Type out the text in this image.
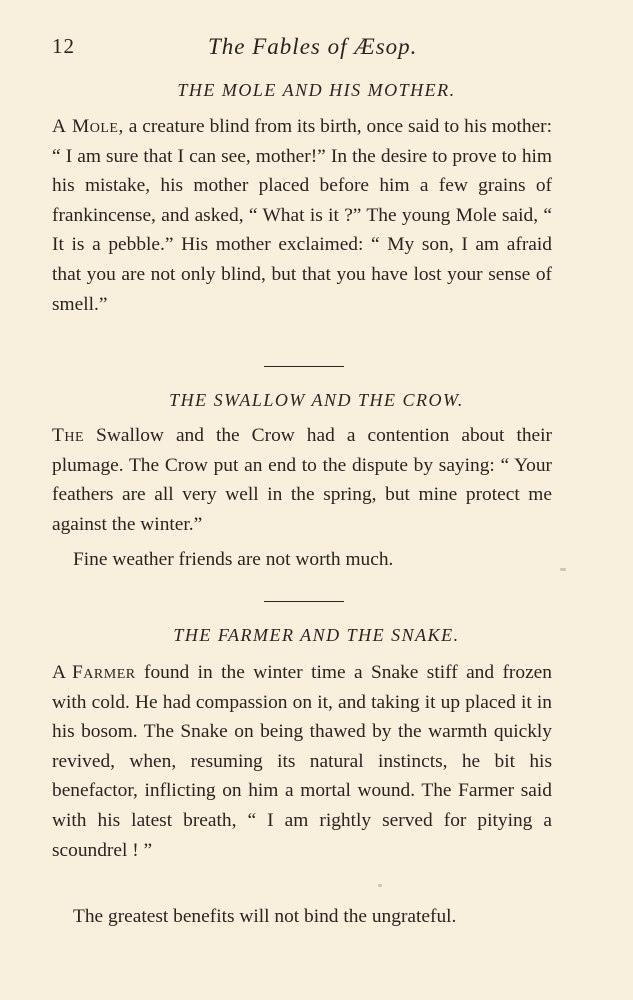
12	The Fables of Æsop.
THE MOLE AND HIS MOTHER.

A Mole, a creature blind from its birth, once said to his mother: “ I am sure that I can see, mother!” In the desire to prove to him his mistake, his mother placed before him a few grains of frankincense, and asked, “ What is it ?” The young Mole said, “ It is a pebble.” His mother exclaimed: “ My son, I am afraid that you are not only blind, but that you have lost your sense of smell.”

THE SWALLOW AND THE CROW.

The Swallow and the Crow had a contention about their plumage. The Crow put an end to the dispute by saying: “ Your feathers are all very well in the spring, but mine protect me against the winter.”

Fine weather friends are not worth much.

THE FARMER AND THE SNAKE.

A Farmer found in the winter time a Snake stiff and frozen with cold. He had compassion on it, and taking it up placed it in his bosom. The Snake on being thawed by the warmth quickly revived, when, resuming its natural instincts, he bit his benefactor, inflicting on him a mortal wound. The Farmer said with his latest breath, “ I am rightly served for pitying a scoundrel ! ”

The greatest benefits will not bind the ungrateful.
